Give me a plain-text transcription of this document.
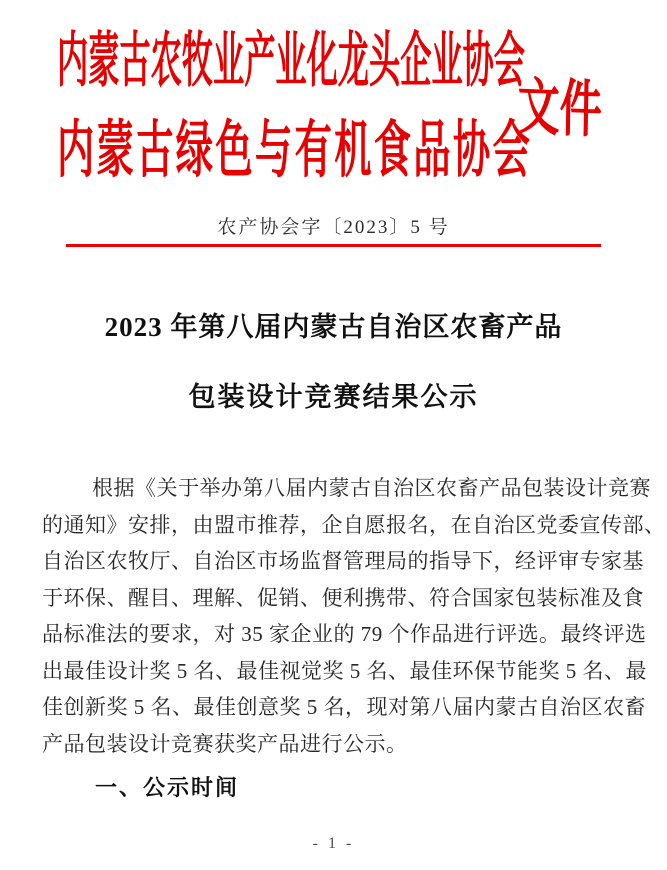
内蒙古农牧业产业化龙头企业协会
内蒙古绿色与有机食品协会
文件
农产协会字〔2023〕5 号
2023 年第八届内蒙古自治区农畜产品
包装设计竞赛结果公示
根据《关于举办第八届内蒙古自治区农畜产品包装设计竞赛
的通知》安排，由盟市推荐，企自愿报名，在自治区党委宣传部、
自治区农牧厅、自治区市场监督管理局的指导下，经评审专家基
于环保、醒目、理解、促销、便利携带、符合国家包装标准及食
品标准法的要求，对 35 家企业的 79 个作品进行评选。最终评选
出最佳设计奖 5 名、最佳视觉奖 5 名、最佳环保节能奖 5 名、最
佳创新奖 5 名、最佳创意奖 5 名，现对第八届内蒙古自治区农畜
产品包装设计竞赛获奖产品进行公示。
一、公示时间
- 1 -
